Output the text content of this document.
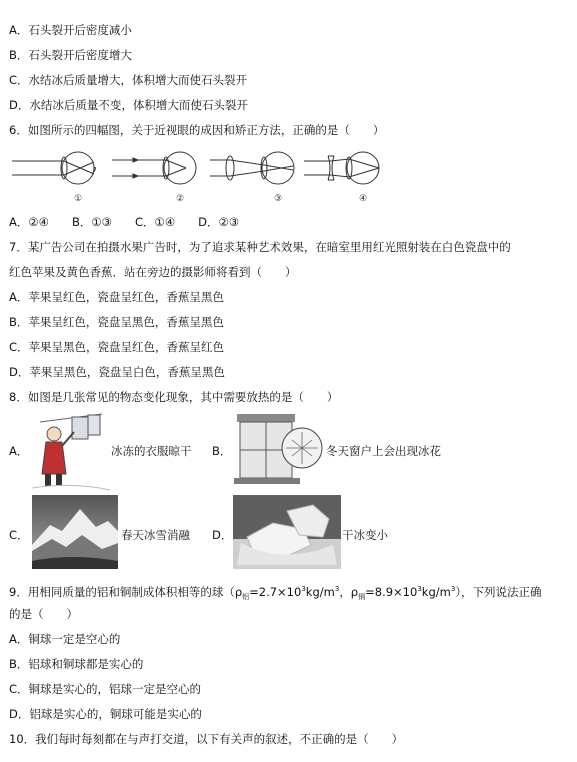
A．石头裂开后密度减小
B．石头裂开后密度增大
C．水结冰后质量增大，体积增大而使石头裂开
D．水结冰后质量不变，体积增大而使石头裂开
6．如图所示的四幅图，关于近视眼的成因和矫正方法，正确的是（　　）
①	②	③	④
A．②④　　B．①③　　C．①④　　D．②③
7．某广告公司在拍摄水果广告时，为了追求某种艺术效果，在暗室里用红光照射装在白色瓷盘中的
红色苹果及黄色香蕉．站在旁边的摄影师将看到（　　）
A．苹果呈红色，瓷盘呈红色，香蕉呈黑色
B．苹果呈红色，瓷盘呈黑色，香蕉呈黑色
C．苹果呈黑色，瓷盘呈红色，香蕉呈红色
D．苹果呈黑色，瓷盘呈白色，香蕉呈黑色
8．如图是几张常见的物态变化现象，其中需要放热的是（　　）
A．	冰冻的衣服晾干 B．	冬天窗户上会出现冰花
C．	春天冰雪消融 D．	干冰变小
9．用相同质量的铝和铜制成体积相等的球（$\rho_铝=2.7\times 10^3kg/m^3$，$\rho_铜=8.9\times 10^3kg/m^3$），下列说法正确
的是（　　）
A．铜球一定是空心的
B．铝球和铜球都是实心的
C．铜球是实心的，铝球一定是空心的
D．铝球是实心的，铜球可能是实心的
10．我们每时每刻都在与声打交道，以下有关声的叙述，不正确的是（　　）
